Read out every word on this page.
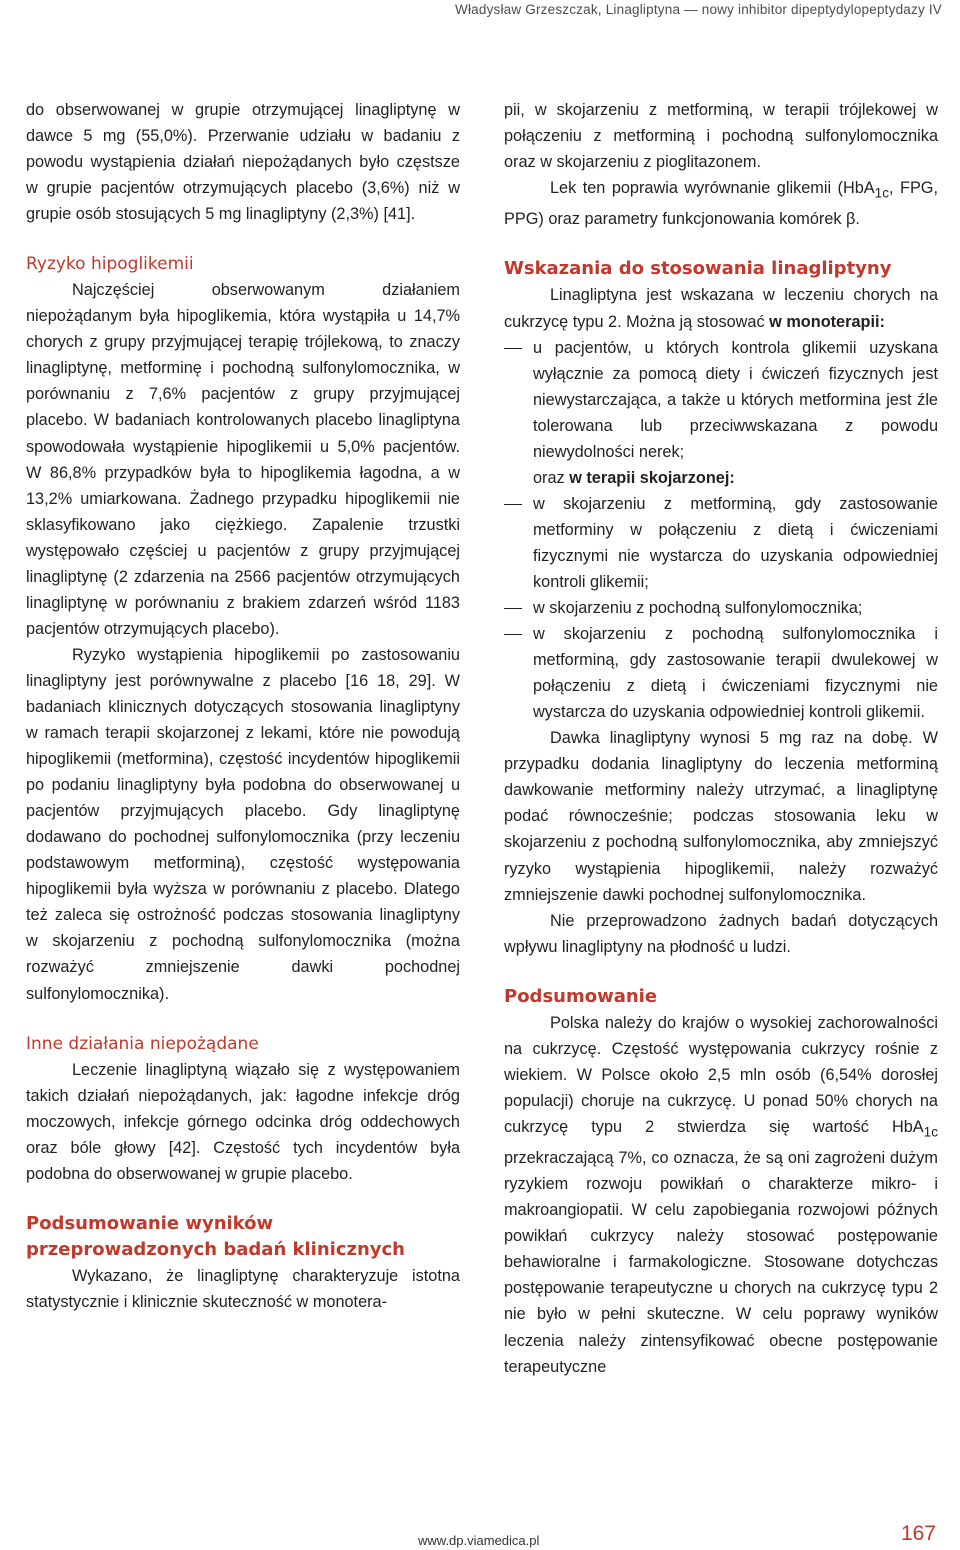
Władysław Grzeszczak, Linagliptyna — nowy inhibitor dipeptydylopeptydazy IV

do obserwowanej w grupie otrzymującej linagliptynę w dawce 5 mg (55,0%). Przerwanie udziału w badaniu z powodu wystąpienia działań niepożądanych było częstsze w grupie pacjentów otrzymujących placebo (3,6%) niż w grupie osób stosujących 5 mg linagliptyny (2,3%) [41].

Ryzyko hipoglikemii

Najczęściej obserwowanym działaniem niepożądanym była hipoglikemia, która wystąpiła u 14,7% chorych z grupy przyjmującej terapię trójlekową, to znaczy linagliptynę, metforminę i pochodną sulfonylomocznika, w porównaniu z 7,6% pacjentów z grupy przyjmującej placebo. W badaniach kontrolowanych placebo linagliptyna spowodowała wystąpienie hipoglikemii u 5,0% pacjentów. W 86,8% przypadków była to hipoglikemia łagodna, a w 13,2% umiarkowana. Żadnego przypadku hipoglikemii nie sklasyfikowano jako ciężkiego. Zapalenie trzustki występowało częściej u pacjentów z grupy przyjmującej linagliptynę (2 zdarzenia na 2566 pacjentów otrzymujących linagliptynę w porównaniu z brakiem zdarzeń wśród 1183 pacjentów otrzymujących placebo).

Ryzyko wystąpienia hipoglikemii po zastosowaniu linagliptyny jest porównywalne z placebo [16 18, 29]. W badaniach klinicznych dotyczących stosowania linagliptyny w ramach terapii skojarzonej z lekami, które nie powodują hipoglikemii (metformina), częstość incydentów hipoglikemii po podaniu linagliptyny była podobna do obserwowanej u pacjentów przyjmujących placebo. Gdy linagliptynę dodawano do pochodnej sulfonylomocznika (przy leczeniu podstawowym metforminą), częstość występowania hipoglikemii była wyższa w porównaniu z placebo. Dlatego też zaleca się ostrożność podczas stosowania linagliptyny w skojarzeniu z pochodną sulfonylomocznika (można rozważyć zmniejszenie dawki pochodnej sulfonylomocznika).

Inne działania niepożądane

Leczenie linagliptyną wiązało się z występowaniem takich działań niepożądanych, jak: łagodne infekcje dróg moczowych, infekcje górnego odcinka dróg oddechowych oraz bóle głowy [42]. Częstość tych incydentów była podobna do obserwowanej w grupie placebo.

Podsumowanie wyników
przeprowadzonych badań klinicznych

Wykazano, że linagliptynę charakteryzuje istotna statystycznie i klinicznie skuteczność w monotera-

pii, w skojarzeniu z metforminą, w terapii trójlekowej w połączeniu z metforminą i pochodną sulfonylomocznika oraz w skojarzeniu z pioglitazonem.

Lek ten poprawia wyrównanie glikemii (HbA$_{1c}$, FPG, PPG) oraz parametry funkcjonowania komórek β.

Wskazania do stosowania linagliptyny

Linagliptyna jest wskazana w leczeniu chorych na cukrzycę typu 2. Można ją stosować w monoterapii:

u pacjentów, u których kontrola glikemii uzyskana wyłącznie za pomocą diety i ćwiczeń fizycznych jest niewystarczająca, a także u których metformina jest źle tolerowana lub przeciwwskazana z powodu niewydolności nerek;

oraz w terapii skojarzonej:

w skojarzeniu z metforminą, gdy zastosowanie metforminy w połączeniu z dietą i ćwiczeniami fizycznymi nie wystarcza do uzyskania odpowiedniej kontroli glikemii;
w skojarzeniu z pochodną sulfonylomocznika;
w skojarzeniu z pochodną sulfonylomocznika i metforminą, gdy zastosowanie terapii dwulekowej w połączeniu z dietą i ćwiczeniami fizycznymi nie wystarcza do uzyskania odpowiedniej kontroli glikemii.

Dawka linagliptyny wynosi 5 mg raz na dobę. W przypadku dodania linagliptyny do leczenia metforminą dawkowanie metforminy należy utrzymać, a linagliptynę podać równocześnie; podczas stosowania leku w skojarzeniu z pochodną sulfonylomocznika, aby zmniejszyć ryzyko wystąpienia hipoglikemii, należy rozważyć zmniejszenie dawki pochodnej sulfonylomocznika.

Nie przeprowadzono żadnych badań dotyczących wpływu linagliptyny na płodność u ludzi.

Podsumowanie

Polska należy do krajów o wysokiej zachorowalności na cukrzycę. Częstość występowania cukrzycy rośnie z wiekiem. W Polsce około 2,5 mln osób (6,54% dorosłej populacji) choruje na cukrzycę. U ponad 50% chorych na cukrzycę typu 2 stwierdza się wartość HbA$_{1c}$ przekraczającą 7%, co oznacza, że są oni zagrożeni dużym ryzykiem rozwoju powikłań o charakterze mikro- i makroangiopatii. W celu zapobiegania rozwojowi późnych powikłań cukrzycy należy stosować postępowanie behawioralne i farmakologiczne. Stosowane dotychczas postępowanie terapeutyczne u chorych na cukrzycę typu 2 nie było w pełni skuteczne. W celu poprawy wyników leczenia należy zintensyfikować obecne postępowanie terapeutyczne

www.dp.viamedica.pl	167
